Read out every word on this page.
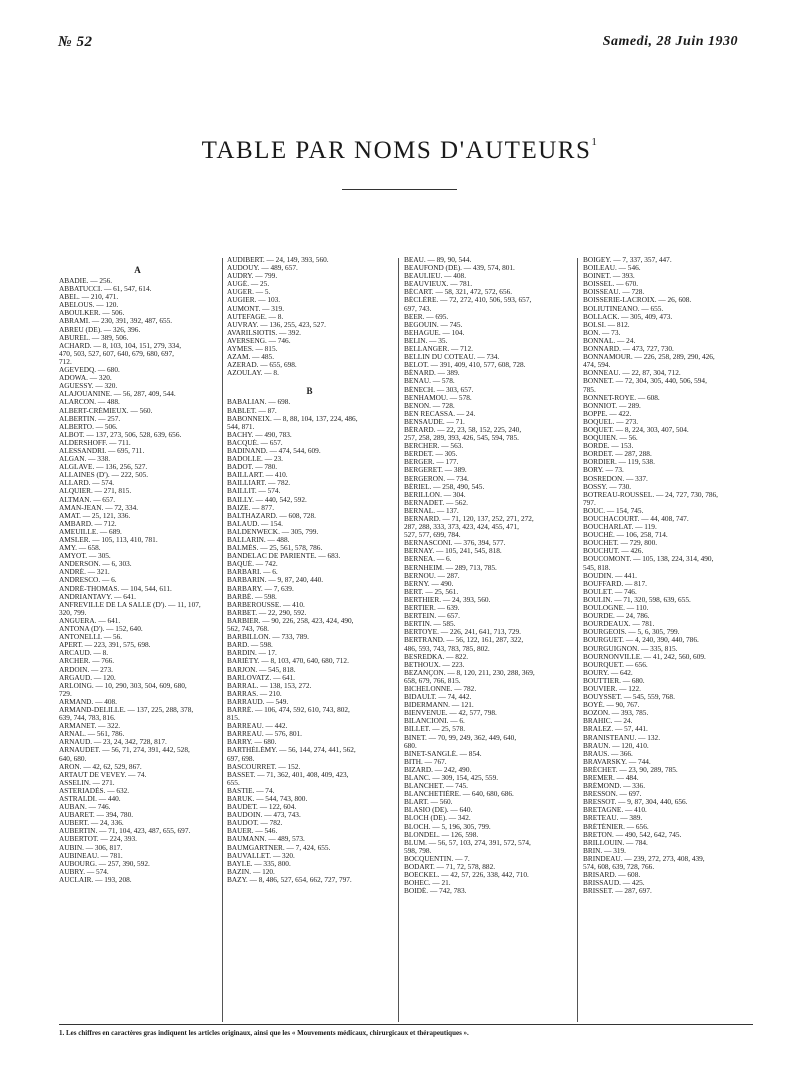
№ 52	Samedi, 28 Juin 1930
TABLE PAR NOMS D'AUTEURS$^1$
A
ABADIE. — 256.
ABBATUCCI. — 61, 547, 614.
ABEL. — 210, 471.
ABELOUS. — 120.
ABOULKER. — 506.
ABRAMI. — 230, 391, 392, 487, 655.
ABREU (DE). — 326, 396.
ABUREL. — 389, 506.
ACHARD. — 8, 103, 104, 151, 279, 334,
470, 503, 527, 607, 640, 679, 680, 697,
712.
AGEVEDQ. — 680.
ADOWA. — 320.
AGUESSY. — 320.
ALAJOUANINE. — 56, 287, 409, 544.
ALARCON. — 488.
ALBERT-CRÉMIEUX. — 560.
ALBERTIN. — 257.
ALBERTO. — 506.
ALBOT. — 137, 273, 506, 528, 639, 656.
ALDERSHOFF. — 711.
ALESSANDRI. — 695, 711.
ALGAN. — 338.
ALGLAVE. — 136, 256, 527.
ALLAINES (D'). — 222, 505.
ALLARD. — 574.
ALQUIER. — 271, 815.
ALTMAN. — 657.
AMAN-JEAN. — 72, 334.
AMAT. — 25, 121, 336.
AMBARD. — 712.
AMEUILLE. — 689.
AMSLER. — 105, 113, 410, 781.
AMY. — 658.
AMYOT. — 305.
ANDERSON. — 6, 303.
ANDRÉ. — 321.
ANDRESCO. — 6.
ANDRÉ-THOMAS. — 104, 544, 611.
ANDRIANTAVY. — 641.
ANFREVILLE DE LA SALLE (D'). — 11, 107,
320, 799.
ANGUERA. — 641.
ANTONA (D'). — 152, 640.
ANTONELLI. — 56.
APERT. — 223, 391, 575, 698.
ARCAUD. — 8.
ARCHER. — 766.
ARDOIN. — 273.
ARGAUD. — 120.
ARLOING. — 10, 290, 303, 504, 609, 680,
729.
ARMAND. — 408.
ARMAND-DELILLE. — 137, 225, 288, 378,
639, 744, 783, 816.
ARMANET. — 322.
ARNAL. — 561, 786.
ARNAUD. — 23, 24, 342, 728, 817.
ARNAUDET. — 56, 71, 274, 391, 442, 528,
640, 680.
ARON. — 42, 62, 529, 867.
ARTAUT DE VEVEY. — 74.
ASSELIN. — 271.
ASTERIADÈS. — 632.
ASTRALDI. — 440.
AUBAN. — 746.
AUBARET. — 394, 780.
AUBERT. — 24, 336.
AUBERTIN. — 71, 104, 423, 487, 655, 697.
AUBERTOT. — 224, 393.
AUBIN. — 306, 817.
AUBINEAU. — 781.
AUBOURG. — 257, 390, 592.
AUBRY. — 574.
AUCLAIR. — 193, 208.
AUDIBERT. — 24, 149, 393, 560.
AUDOUY. — 489, 657.
AUDRY. — 799.
AUGÉ. — 25.
AUGER. — 5.
AUGIER. — 103.
AUMONT. — 319.
AUTEFAGE. — 8.
AUVRAY. — 136, 255, 423, 527.
AVARILSIOTIS. — 392.
AVERSENG. — 746.
AYMES. — 815.
AZAM. — 485.
AZERAD. — 655, 698.
AZOULAY. — 8.
B
BABALIAN. — 698.
BABLET. — 87.
BABONNEIX. — 8, 88, 104, 137, 224, 486,
544, 871.
BACHY. — 490, 783.
BACQUÉ. — 657.
BADINAND. — 474, 544, 609.
BADOLLE. — 23.
BADOT. — 780.
BAILLART. — 410.
BAILLIART. — 782.
BAILLIT. — 574.
BAILLY. — 440, 542, 592.
BAIZE. — 877.
BALTHAZARD. — 608, 728.
BALAUD. — 154.
BALDENWECK. — 305, 799.
BALLARIN. — 488.
BALMÈS. — 25, 561, 578, 786.
BANDELAC DE PARIENTE. — 683.
BAQUÉ. — 742.
BARBARI. — 6.
BARBARIN. — 9, 87, 240, 440.
BARBARY. — 7, 639.
BARBÉ. — 598.
BARBEROUSSE. — 410.
BARBET. — 22, 290, 592.
BARBIER. — 90, 226, 258, 423, 424, 490,
562, 743, 768.
BARBILLON. — 733, 789.
BARD. — 598.
BARDIN. — 17.
BARIÉTY. — 8, 103, 470, 640, 680, 712.
BARJON. — 545, 818.
BARLOVATZ. — 641.
BARRAL. — 138, 153, 272.
BARRAS. — 210.
BARRAUD. — 549.
BARRÉ. — 106, 474, 592, 610, 743, 802,
815.
BARREAU. — 442.
BARREAU. — 576, 801.
BARRY. — 680.
BARTHÉLÉMY. — 56, 144, 274, 441, 562,
697, 698.
BASCOURRET. — 152.
BASSET. — 71, 362, 401, 408, 409, 423,
655.
BASTIE. — 74.
BARUK. — 544, 743, 800.
BAUDET. — 122, 604.
BAUDOIN. — 473, 743.
BAUDOT. — 782.
BAUER. — 546.
BAUMANN. — 489, 573.
BAUMGARTNER. — 7, 424, 655.
BAUVALLET. — 320.
BAYLE. — 335, 800.
BAZIN. — 120.
BAZY. — 8, 486, 527, 654, 662, 727, 797.
BEAU. — 89, 90, 544.
BEAUFOND (DE). — 439, 574, 801.
BEAULIEU. — 408.
BEAUVIEUX. — 781.
BÉCART. — 58, 321, 472, 572, 656.
BÉCLÈRE. — 72, 272, 410, 506, 593, 657,
697, 743.
BEER. — 695.
BEGOUIN. — 745.
BEHAGUE. — 104.
BELIN. — 35.
BELLANGER. — 712.
BELLIN DU COTEAU. — 734.
BELOT. — 391, 409, 410, 577, 608, 728.
BÉNARD. — 389.
BENAU. — 578.
BÉNECH. — 303, 657.
BENHAMOU. — 578.
BENON. — 728.
BEN RECASSA. — 24.
BENSAUDE. — 71.
BÉRARD. — 22, 23, 58, 152, 225, 240,
257, 258, 289, 393, 426, 545, 594, 785.
BERCHER. — 563.
BERDET. — 305.
BERGER. — 177.
BERGERET. — 389.
BERGERON. — 734.
BÉRIEL. — 258, 490, 545.
BERILLON. — 304.
BERNADET. — 562.
BERNAL. — 137.
BERNARD. — 71, 120, 137, 252, 271, 272,
287, 288, 333, 373, 423, 424, 455, 471,
527, 577, 699, 784.
BERNASCONI. — 376, 394, 577.
BERNAY. — 105, 241, 545, 818.
BERNEA. — 6.
BERNHEIM. — 289, 713, 785.
BERNOU. — 287.
BERNY. — 490.
BERT. — 25, 561.
BERTHIER. — 24, 393, 560.
BERTIER. — 639.
BERTEIN. — 657.
BERTIN. — 585.
BERTOYE. — 226, 241, 641, 713, 729.
BERTRAND. — 56, 122, 161, 287, 322,
486, 593, 743, 783, 785, 802.
BESREDKA. — 822.
BETHOUX. — 223.
BEZANÇON. — 8, 120, 211, 230, 288, 369,
658, 679, 766, 815.
BICHELONNE. — 782.
BIDAULT. — 74, 442.
BIDERMANN. — 121.
BIENVENUE. — 42, 577, 798.
BILANCIONI. — 6.
BILLET. — 25, 578.
BINET. — 70, 99, 249, 362, 449, 640,
680.
BINET-SANGLÉ. — 854.
BITH. — 767.
BIZARD. — 242, 490.
BLANC. — 309, 154, 425, 559.
BLANCHET. — 745.
BLANCHETIÈRE. — 640, 680, 686.
BLART. — 560.
BLASIO (DE). — 640.
BLOCH (DE). — 342.
BLOCH. — 5, 196, 305, 799.
BLONDEL. — 126, 598.
BLUM. — 56, 57, 103, 274, 391, 572, 574,
598, 798.
BOCQUENTIN. — 7.
BODART. — 71, 72, 578, 882.
BOECKEL. — 42, 57, 226, 338, 442, 710.
BOHEC. — 21.
BOIDÉ. — 742, 783.
BOIGEY. — 7, 337, 357, 447.
BOILEAU. — 546.
BOINET. — 393.
BOISSEL. — 670.
BOISSEAU. — 728.
BOISSERIE-LACROIX. — 26, 608.
BOLIUTINEANO. — 655.
BOLLACK. — 305, 409, 473.
BOLSI. — 812.
BON. — 73.
BONNAL. — 24.
BONNARD. — 473, 727, 730.
BONNAMOUR. — 226, 258, 289, 290, 426,
474, 594.
BONNEAU. — 22, 87, 304, 712.
BONNET. — 72, 304, 305, 440, 506, 594,
785.
BONNET-ROYE. — 608.
BONNIOT. — 289.
BOPPE. — 422.
BOQUEL. — 273.
BOQUET. — 8, 224, 303, 407, 504.
BOQUIEN. — 56.
BORDE. — 153.
BORDET. — 287, 288.
BORDIER. — 119, 538.
BORY. — 73.
BOSREDON. — 337.
BOSSY. — 730.
BOTREAU-ROUSSEL. — 24, 727, 730, 786,
797.
BOUC. — 154, 745.
BOUCHACOURT. — 44, 408, 747.
BOUCHARLAT. — 119.
BOUCHÉ. — 106, 258, 714.
BOUCHET. — 729, 800.
BOUCHUT. — 426.
BOUCOMONT. — 105, 138, 224, 314, 490,
545, 818.
BOUDIN. — 441.
BOUFFARD. — 817.
BOULET. — 746.
BOULIN. — 71, 320, 598, 639, 655.
BOULOGNE. — 110.
BOURDE. — 24, 786.
BOURDEAUX. — 781.
BOURGEOIS. — 5, 6, 305, 799.
BOURGUET. — 4, 240, 390, 440, 786.
BOURGUIGNON. — 335, 815.
BOURNONVILLE. — 41, 242, 560, 609.
BOURQUET. — 656.
BOURY. — 642.
BOUTTIER. — 680.
BOUVIER. — 122.
BOUYSSET. — 545, 559, 768.
BOYÉ. — 90, 767.
BOZON. — 393, 785.
BRAHIC. — 24.
BRALEZ. — 57, 441.
BRANISTEANU. — 132.
BRAUN. — 120, 410.
BRAUS. — 366.
BRAVARSKY. — 744.
BRÉCHET. — 23, 90, 289, 785.
BREMER. — 484.
BRÉMOND. — 336.
BRESSON. — 697.
BRESSOT. — 9, 87, 304, 440, 656.
BRETAGNE. — 410.
BRETEAU. — 389.
BRÉTÉNIER. — 656.
BRETON. — 490, 542, 642, 745.
BRILLOUIN. — 784.
BRIN. — 319.
BRINDEAU. — 239, 272, 273, 408, 439,
574, 608, 639, 728, 766.
BRISARD. — 608.
BRISSAUD. — 425.
BRISSET. — 287, 697.
1. Les chiffres en caractères gras indiquent les articles originaux, ainsi que les « Mouvements médicaux, chirurgicaux et thérapeutiques ».
